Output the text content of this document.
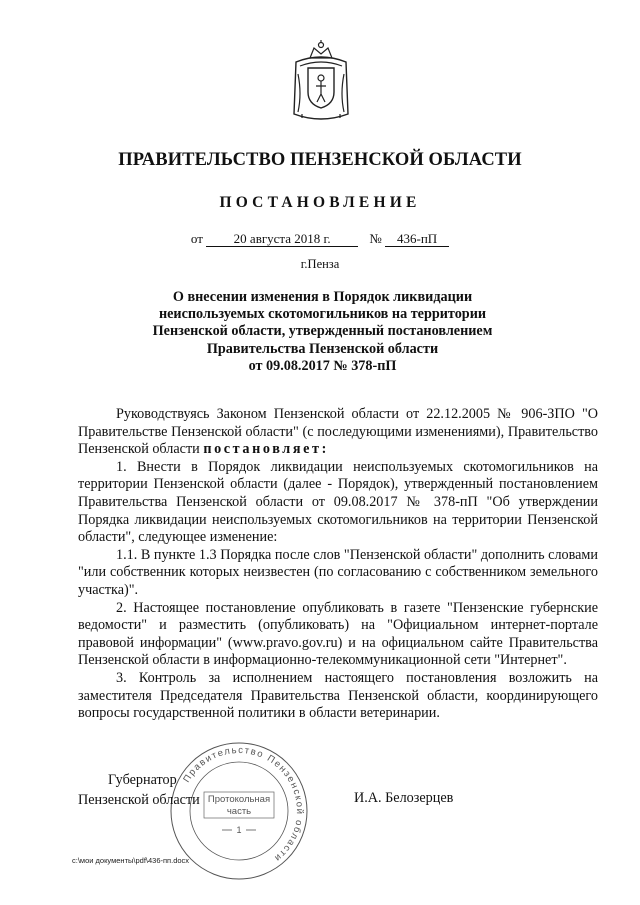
ПРАВИТЕЛЬСТВО ПЕНЗЕНСКОЙ ОБЛАСТИ
ПОСТАНОВЛЕНИЕ
от 20 августа 2018 г.	№ 436-пП
г.Пенза
О внесении изменения в Порядок ликвидации
неиспользуемых скотомогильников на территории
Пензенской области, утвержденный постановлением
Правительства Пензенской области
от 09.08.2017 № 378-пП

Руководствуясь Законом Пензенской области от 22.12.2005 № 906-ЗПО "О Правительстве Пензенской области" (с последующими изменениями), Правительство Пензенской области постановляет:

1. Внести в Порядок ликвидации неиспользуемых скотомогильников на территории Пензенской области (далее - Порядок), утвержденный постановлением Правительства Пензенской области от 09.08.2017 № 378-пП "Об утверждении Порядка ликвидации неиспользуемых скотомогильников на территории Пензенской области", следующее изменение:

1.1. В пункте 1.3 Порядка после слов "Пензенской области" дополнить словами "или собственник которых неизвестен (по согласованию с собственником земельного участка)".

2. Настоящее постановление опубликовать в газете "Пензенские губернские ведомости" и разместить (опубликовать) на "Официальном интернет-портале правовой информации" (www.pravo.gov.ru) и на официальном сайте Правительства Пензенской области в информационно-телекоммуникационной сети "Интернет".

3. Контроль за исполнением настоящего постановления возложить на заместителя Председателя Правительства Пензенской области, координирующего вопросы государственной политики в области ветеринарии.

Правительство Пензенской области
Протокольная
часть
1
Губернатор
Пензенской области	И.А. Белозерцев
c:\мои документы\pdf\436-пп.docx
